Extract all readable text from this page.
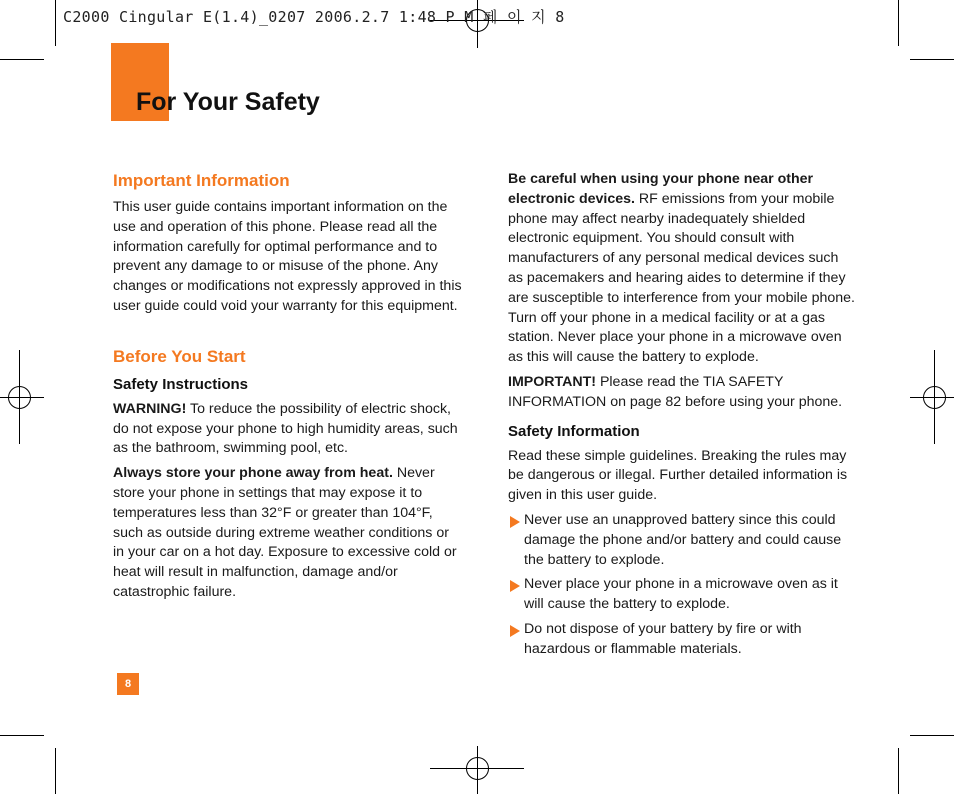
C2000 Cingular E(1.4)_0207 2006.2.7 1:48 P M 페 이 지 8
For Your Safety
Important Information

This user guide contains important information on the use and operation of this phone. Please read all the information carefully for optimal performance and to prevent any damage to or misuse of the phone. Any changes or modifications not expressly approved in this user guide could void your warranty for this equipment.

Before You Start
Safety Instructions

WARNING! To reduce the possibility of electric shock, do not expose your phone to high humidity areas, such as the bathroom, swimming pool, etc.

Always store your phone away from heat. Never store your phone in settings that may expose it to temperatures less than 32°F or greater than 104°F, such as outside during extreme weather conditions or in your car on a hot day. Exposure to excessive cold or heat will result in malfunction, damage and/or catastrophic failure.

Be careful when using your phone near other electronic devices. RF emissions from your mobile phone may affect nearby inadequately shielded electronic equipment. You should consult with manufacturers of any personal medical devices such as pacemakers and hearing aides to determine if they are susceptible to interference from your mobile phone. Turn off your phone in a medical facility or at a gas station. Never place your phone in a microwave oven as this will cause the battery to explode.

IMPORTANT! Please read the TIA SAFETY INFORMATION on page 82 before using your phone.

Safety Information

Read these simple guidelines. Breaking the rules may be dangerous or illegal. Further detailed information is given in this user guide.

Never use an unapproved battery since this could damage the phone and/or battery and could cause the battery to explode.
Never place your phone in a microwave oven as it will cause the battery to explode.
Do not dispose of your battery by fire or with hazardous or flammable materials.
8
